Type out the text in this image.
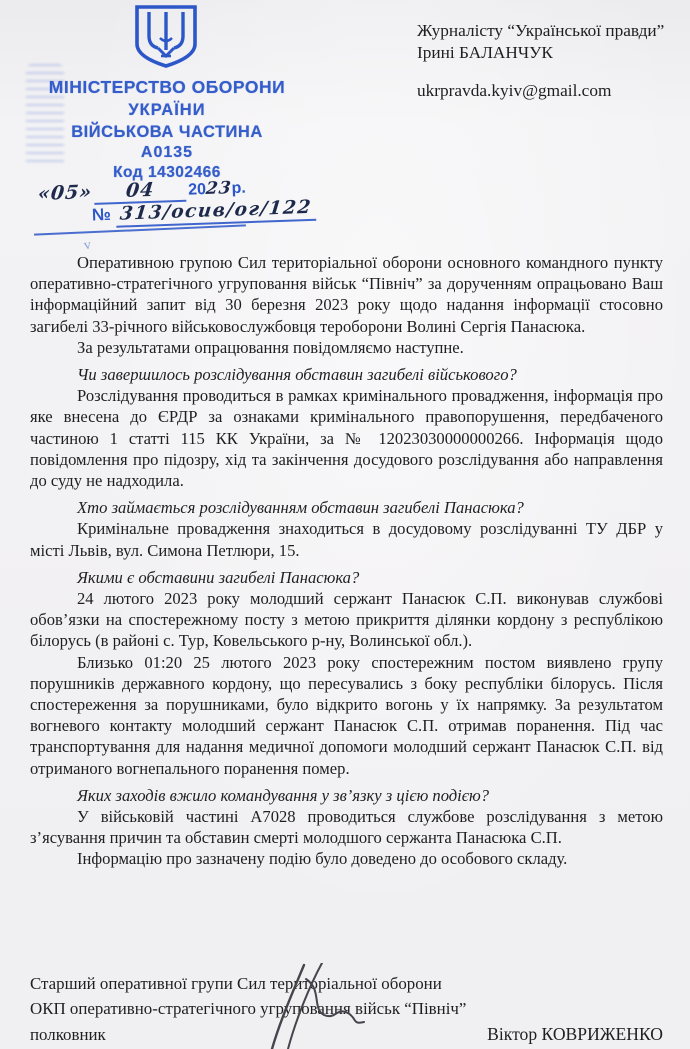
МІНІСТЕРСТВО ОБОРОНИ
УКРАЇНИ
ВІЙСЬКОВА ЧАСТИНА
А0135
Код 14302466
«05» 04 2023р.
№ 313/осив/ог/122
v
Журналісту “Української правди”
Ірині БАЛАНЧУК
ukrpravda.kyiv@gmail.com

Оперативною групою Сил територіальної оборони основного командного пункту оперативно-стратегічного угруповання військ “Північ” за дорученням опрацьовано Ваш інформаційний запит від 30 березня 2023 року щодо надання інформації стосовно загибелі 33-річного військовослужбовця тероборони Волині Сергія Панасюка.

За результатами опрацювання повідомляємо наступне.

Чи завершилось розслідування обставин загибелі військового?

Розслідування проводиться в рамках кримінального провадження, інформація про яке внесена до ЄРДР за ознаками кримінального правопорушення, передбаченого частиною 1 статті 115 КК України, за № 12023030000000266. Інформація щодо повідомлення про підозру, хід та закінчення досудового розслідування або направлення до суду не надходила.

Хто займається розслідуванням обставин загибелі Панасюка?

Кримінальне провадження знаходиться в досудовому розслідуванні ТУ ДБР у місті Львів, вул. Симона Петлюри, 15.

Якими є обставини загибелі Панасюка?

24 лютого 2023 року молодший сержант Панасюк С.П. виконував службові обов’язки на спостережному посту з метою прикриття ділянки кордону з республікою білорусь (в районі с. Тур, Ковельського р-ну, Волинської обл.).

Близько 01:20 25 лютого 2023 року спостережним постом виявлено групу порушників державного кордону, що пересувались з боку республіки білорусь. Після спостереження за порушниками, було відкрито вогонь у їх напрямку. За результатом вогневого контакту молодший сержант Панасюк С.П. отримав поранення. Під час транспортування для надання медичної допомоги молодший сержант Панасюк С.П. від отриманого вогнепального поранення помер.

Яких заходів вжило командування у зв’язку з цією подією?

У військовій частині А7028 проводиться службове розслідування з метою з’ясування причин та обставин смерті молодшого сержанта Панасюка С.П.

Інформацію про зазначену подію було доведено до особового складу.

Старший оперативної групи Сил територіальної оборони
ОКП оперативно-стратегічного угруповання військ “Північ”
полковник	Віктор КОВРИЖЕНКО
